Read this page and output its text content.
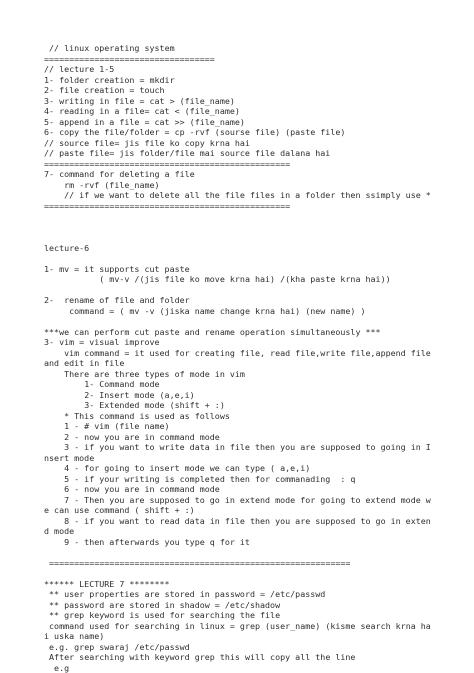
// linux operating system
==================================
// lecture 1-5
1- folder creation = mkdir
2- file creation = touch
3- writing in file = cat > (file_name)
4- reading in a file= cat < (file_name)
5- append in a file = cat >> (file_name)
6- copy the file/folder = cp -rvf (sourse file) (paste file)
// source file= jis file ko copy krna hai
// paste file= jis folder/file mai source file dalana hai
=================================================
7- command for deleting a file
rm -rvf (file_name)
// if we want to delete all the file files in a folder then ssimply use *
=================================================
lecture-6
1- mv = it supports cut paste
( mv-v /(jis file ko move krna hai) /(kha paste krna hai))
2-  rename of file and folder
command = ( mv -v (jiska name change krna hai) (new name) )
***we can perform cut paste and rename operation simultaneously ***
3- vim = visual improve
vim command = it used for creating file, read file,write file,append file and edit in file
There are three types of mode in vim
1- Command mode
2- Insert mode (a,e,i)
3- Extended mode (shift + :)
* This command is used as follows
1 - # vim (file name)
2 - now you are in command mode
3 - if you want to write data in file then you are supposed to going in Insert mode
4 - for going to insert mode we can type ( a,e,i)
5 - if your writing is completed then for commanading  : q
6 - now you are in command mode
7 - Then you are supposed to go in extend mode for going to extend mode we can use command ( shift + :)
8 - if you want to read data in file then you are supposed to go in extend mode
9 - then afterwards you type q for it
============================================================
****** LECTURE 7 ********
** user properties are stored in password = /etc/passwd
** password are stored in shadow = /etc/shadow
** grep keyword is used for searching the file
command used for searching in linux = grep (user_name) (kisme search krna hai uska name)
e.g. grep swaraj /etc/passwd
After searching with keyword grep this will copy all the line
e.g
